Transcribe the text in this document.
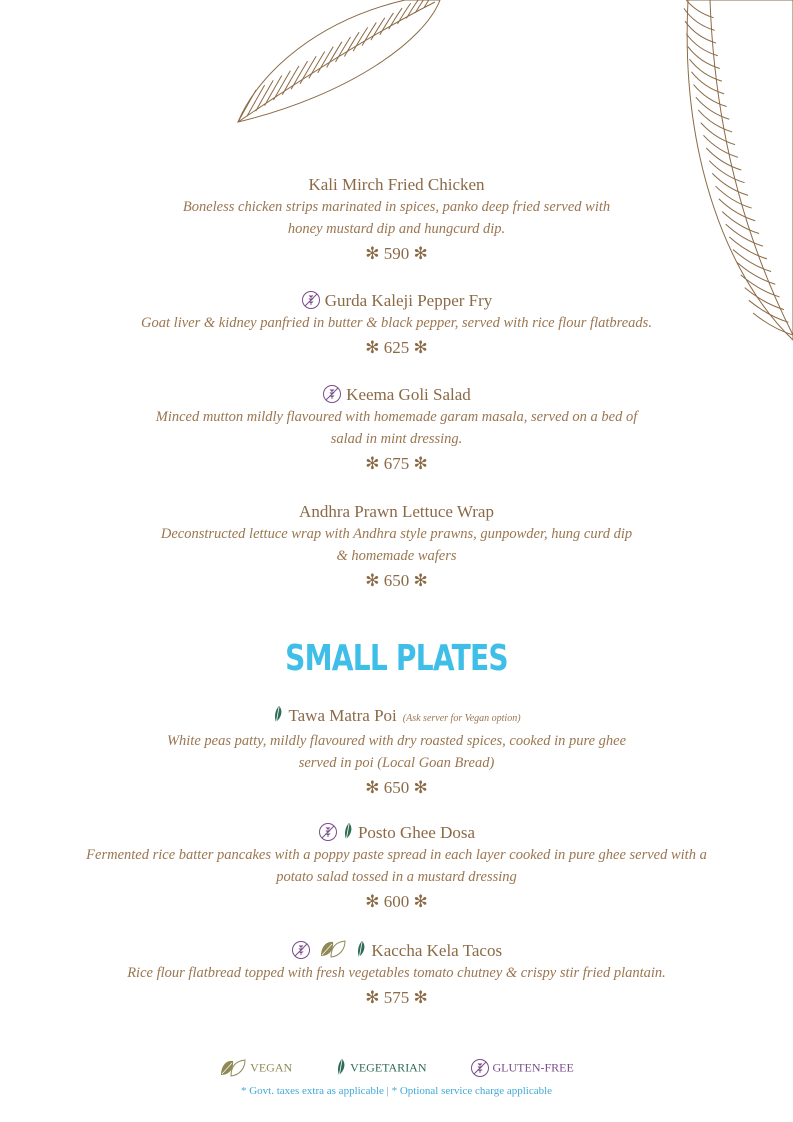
Kali Mirch Fried Chicken
Boneless chicken strips marinated in spices, panko deep fried served with
honey mustard dip and hungcurd dip.
✻ 590 ✻
Gurda Kaleji Pepper Fry
Goat liver & kidney panfried in butter & black pepper, served with rice flour flatbreads.
✻ 625 ✻
Keema Goli Salad
Minced mutton mildly flavoured with homemade garam masala, served on a bed of
salad in mint dressing.
✻ 675 ✻
Andhra Prawn Lettuce Wrap
Deconstructed lettuce wrap with Andhra style prawns, gunpowder, hung curd dip
& homemade wafers
✻ 650 ✻
SMALL PLATES
Tawa Matra Poi (Ask server for Vegan option)
White peas patty, mildly flavoured with dry roasted spices, cooked in pure ghee
served in poi (Local Goan Bread)
✻ 650 ✻
Posto Ghee Dosa
Fermented rice batter pancakes with a poppy paste spread in each layer cooked in pure ghee served with a
potato salad tossed in a mustard dressing
✻ 600 ✻
Kaccha Kela Tacos
Rice flour flatbread topped with fresh vegetables tomato chutney & crispy stir fried plantain.
✻ 575 ✻
VEGAN	VEGETARIAN	GLUTEN-FREE
* Govt. taxes extra as applicable | * Optional service charge applicable
